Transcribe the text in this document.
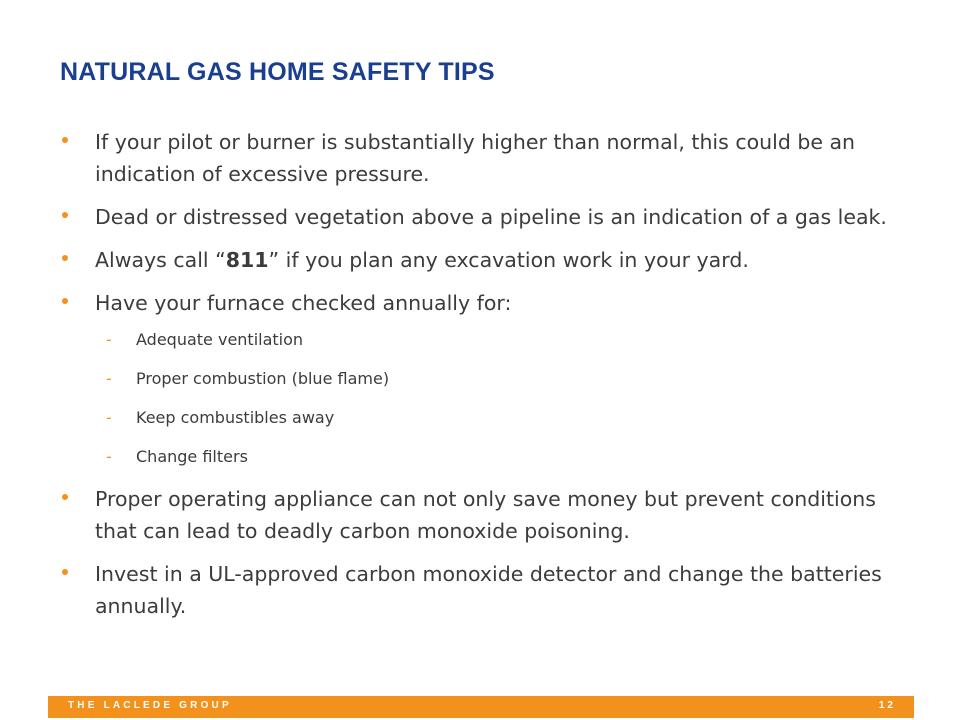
NATURAL GAS HOME SAFETY TIPS
If your pilot or burner is substantially higher than normal, this could be an indication of excessive pressure.
Dead or distressed vegetation above a pipeline is an indication of a gas leak.
Always call “811” if you plan any excavation work in your yard.
Have your furnace checked annually for:
- Adequate ventilation
- Proper combustion (blue flame)
- Keep combustibles away
- Change filters
Proper operating appliance can not only save money but prevent conditions that can lead to deadly carbon monoxide poisoning.
Invest in a UL-approved carbon monoxide detector and change the batteries annually.
THE LACLEDE GROUP	12
